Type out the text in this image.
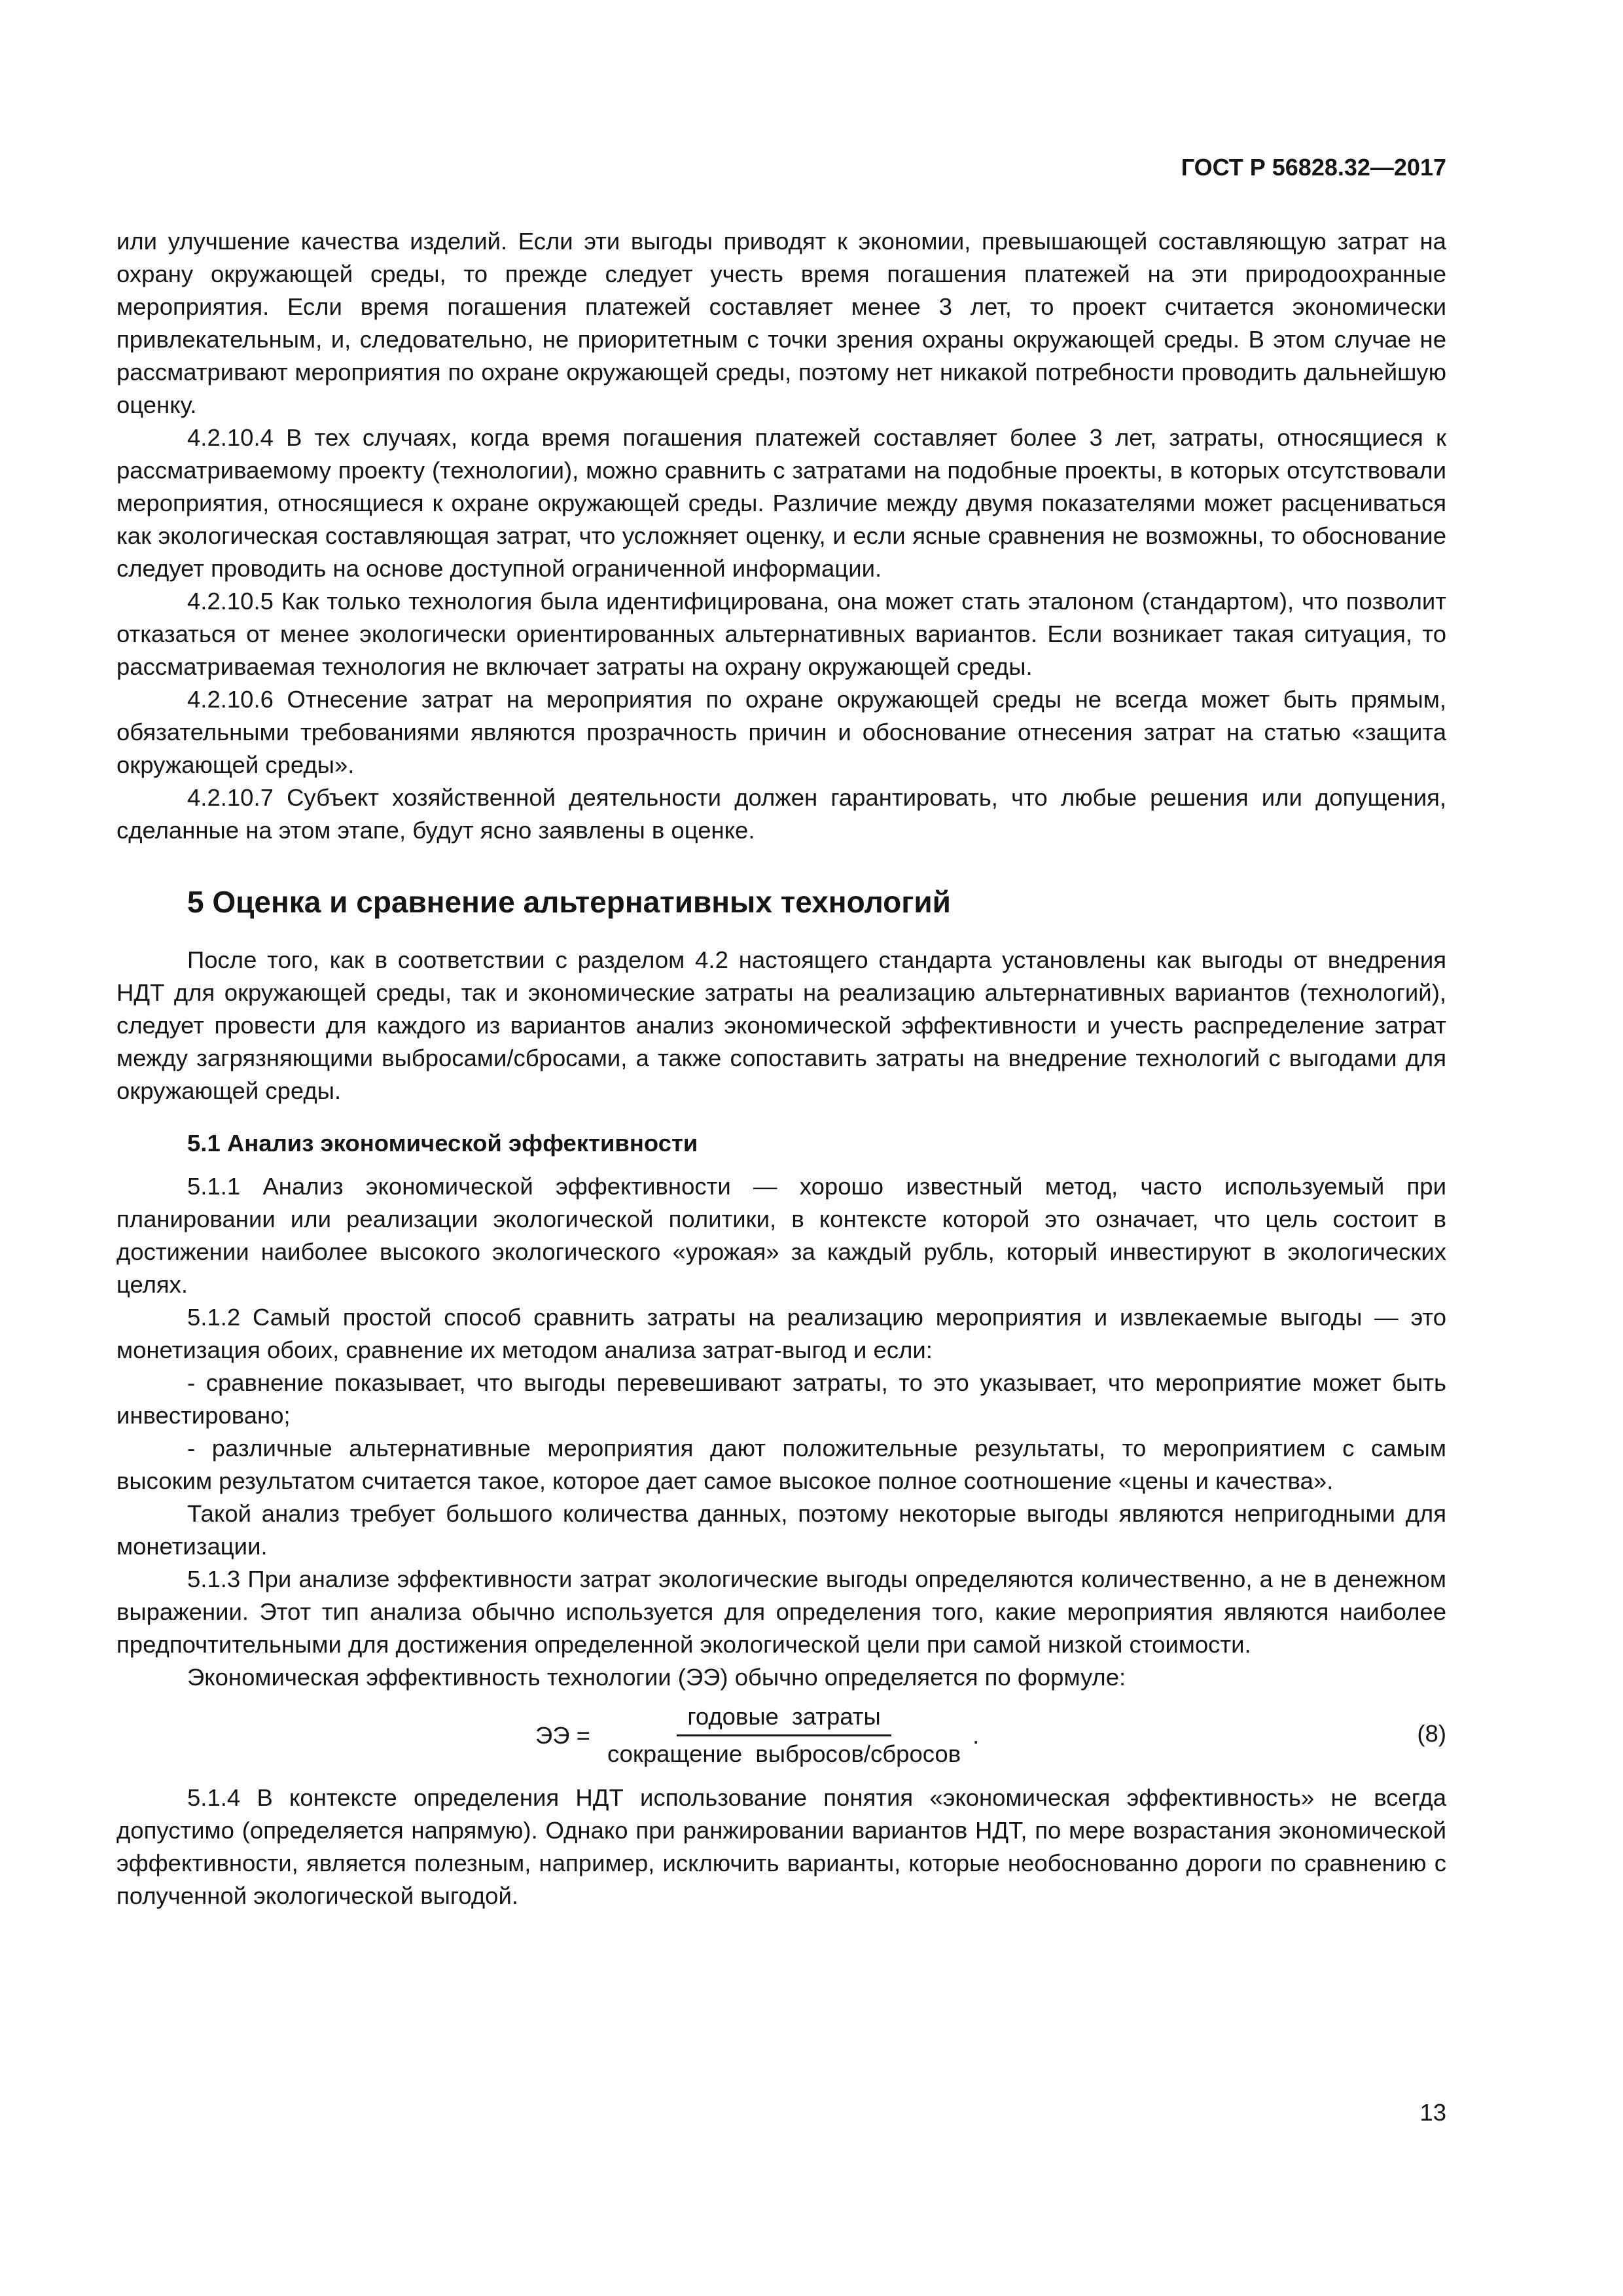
ГОСТ Р 56828.32—2017

или улучшение качества изделий. Если эти выгоды приводят к экономии, превышающей составляющую затрат на охрану окружающей среды, то прежде следует учесть время погашения платежей на эти природоохранные мероприятия. Если время погашения платежей составляет менее 3 лет, то проект считается экономически привлекательным, и, следовательно, не приоритетным с точки зрения охраны окружающей среды. В этом случае не рассматривают мероприятия по охране окружающей среды, поэтому нет никакой потребности проводить дальнейшую оценку.

4.2.10.4 В тех случаях, когда время погашения платежей составляет более 3 лет, затраты, относящиеся к рассматриваемому проекту (технологии), можно сравнить с затратами на подобные проекты, в которых отсутствовали мероприятия, относящиеся к охране окружающей среды. Различие между двумя показателями может расцениваться как экологическая составляющая затрат, что усложняет оценку, и если ясные сравнения не возможны, то обоснование следует проводить на основе доступной ограниченной информации.

4.2.10.5 Как только технология была идентифицирована, она может стать эталоном (стандартом), что позволит отказаться от менее экологически ориентированных альтернативных вариантов. Если возникает такая ситуация, то рассматриваемая технология не включает затраты на охрану окружающей среды.

4.2.10.6 Отнесение затрат на мероприятия по охране окружающей среды не всегда может быть прямым, обязательными требованиями являются прозрачность причин и обоснование отнесения затрат на статью «защита окружающей среды».

4.2.10.7 Субъект хозяйственной деятельности должен гарантировать, что любые решения или допущения, сделанные на этом этапе, будут ясно заявлены в оценке.

5 Оценка и сравнение альтернативных технологий

После того, как в соответствии с разделом 4.2 настоящего стандарта установлены как выгоды от внедрения НДТ для окружающей среды, так и экономические затраты на реализацию альтернативных вариантов (технологий), следует провести для каждого из вариантов анализ экономической эффективности и учесть распределение затрат между загрязняющими выбросами/сбросами, а также сопоставить затраты на внедрение технологий с выгодами для окружающей среды.

5.1 Анализ экономической эффективности

5.1.1 Анализ экономической эффективности — хорошо известный метод, часто используемый при планировании или реализации экологической политики, в контексте которой это означает, что цель состоит в достижении наиболее высокого экологического «урожая» за каждый рубль, который инвестируют в экологических целях.

5.1.2 Самый простой способ сравнить затраты на реализацию мероприятия и извлекаемые выгоды — это монетизация обоих, сравнение их методом анализа затрат-выгод и если:

- сравнение показывает, что выгоды перевешивают затраты, то это указывает, что мероприятие может быть инвестировано;

- различные альтернативные мероприятия дают положительные результаты, то мероприятием с самым высоким результатом считается такое, которое дает самое высокое полное соотношение «цены и качества».

Такой анализ требует большого количества данных, поэтому некоторые выгоды являются непригодными для монетизации.

5.1.3 При анализе эффективности затрат экологические выгоды определяются количественно, а не в денежном выражении. Этот тип анализа обычно используется для определения того, какие мероприятия являются наиболее предпочтительными для достижения определенной экологической цели при самой низкой стоимости.

Экономическая эффективность технологии (ЭЭ) обычно определяется по формуле:

ЭЭ = $\frac{\text{годовые затраты}}{\text{сокращение выбросов/сбросов}}$ .	(8)

5.1.4 В контексте определения НДТ использование понятия «экономическая эффективность» не всегда допустимо (определяется напрямую). Однако при ранжировании вариантов НДТ, по мере возрастания экономической эффективности, является полезным, например, исключить варианты, которые необоснованно дороги по сравнению с полученной экологической выгодой.

13
